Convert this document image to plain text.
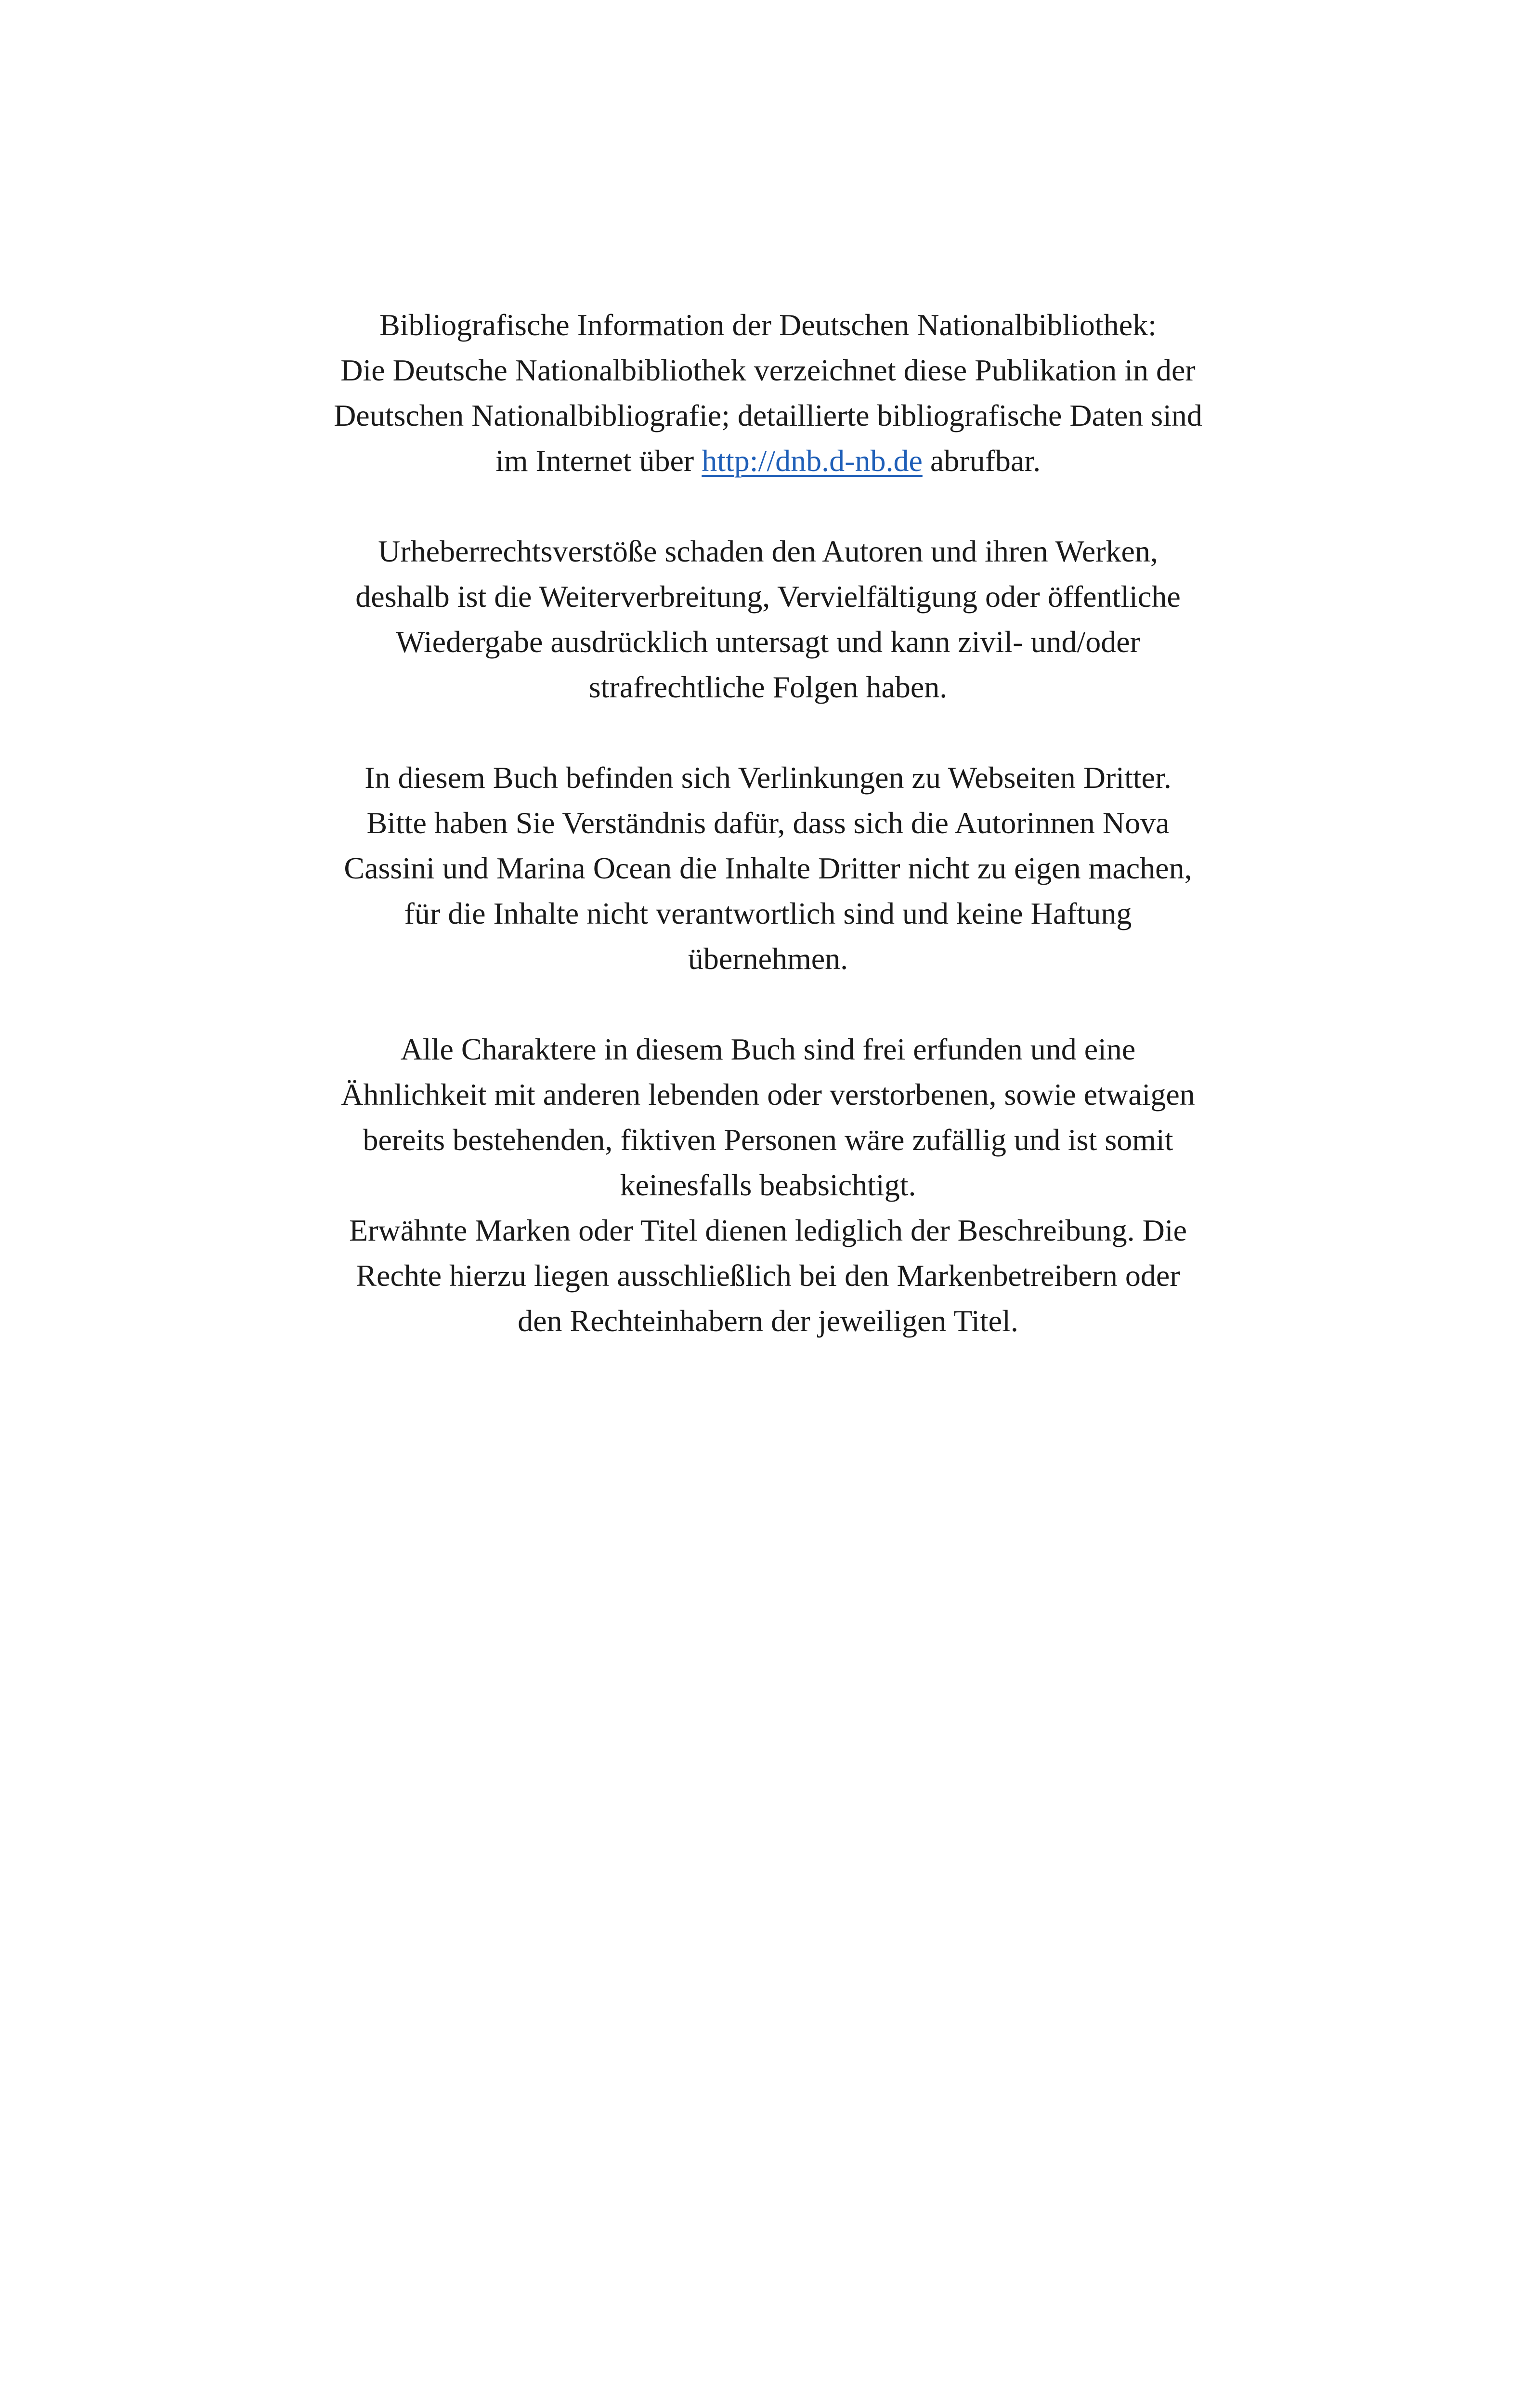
Bibliografische Information der Deutschen Nationalbibliothek:
Die Deutsche Nationalbibliothek verzeichnet diese Publikation in der
Deutschen Nationalbibliografie; detaillierte bibliografische Daten sind
im Internet über http://dnb.d-nb.de abrufbar.

Urheberrechtsverstöße schaden den Autoren und ihren Werken,
deshalb ist die Weiterverbreitung, Vervielfältigung oder öffentliche
Wiedergabe ausdrücklich untersagt und kann zivil- und/oder
strafrechtliche Folgen haben.

In diesem Buch befinden sich Verlinkungen zu Webseiten Dritter.
Bitte haben Sie Verständnis dafür, dass sich die Autorinnen Nova
Cassini und Marina Ocean die Inhalte Dritter nicht zu eigen machen,
für die Inhalte nicht verantwortlich sind und keine Haftung
übernehmen.

Alle Charaktere in diesem Buch sind frei erfunden und eine
Ähnlichkeit mit anderen lebenden oder verstorbenen, sowie etwaigen
bereits bestehenden, fiktiven Personen wäre zufällig und ist somit
keinesfalls beabsichtigt.
Erwähnte Marken oder Titel dienen lediglich der Beschreibung. Die
Rechte hierzu liegen ausschließlich bei den Markenbetreibern oder
den Rechteinhabern der jeweiligen Titel.
